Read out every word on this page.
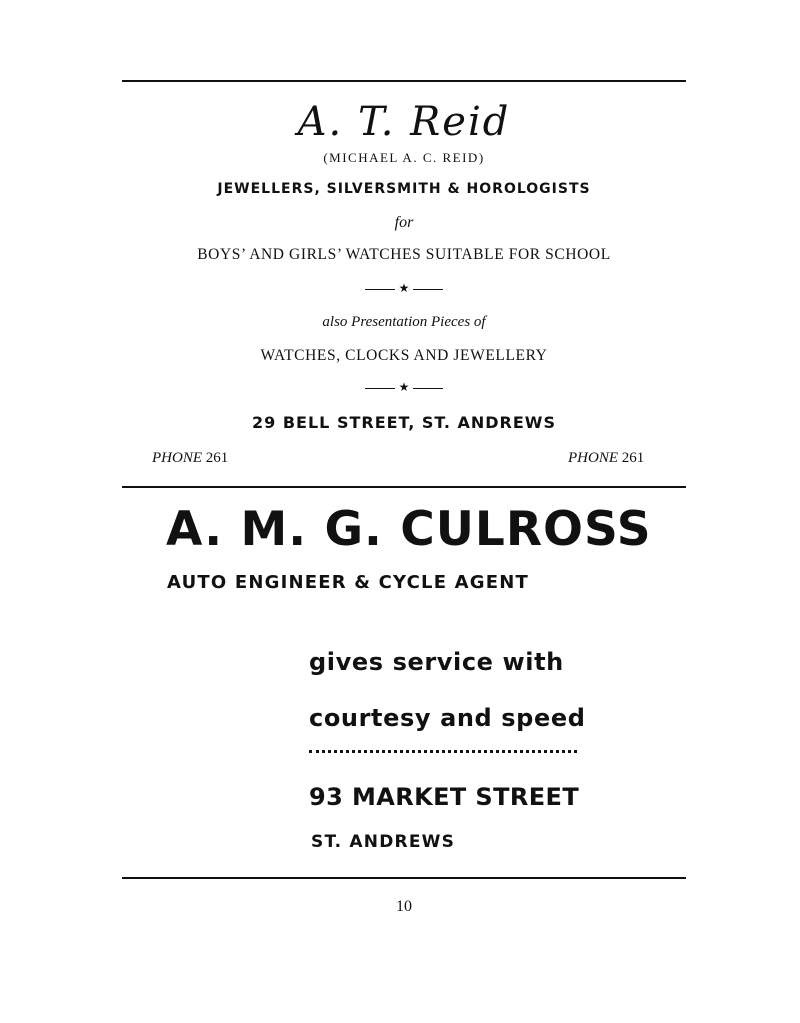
A. T. Reid
(MICHAEL A. C. REID)
JEWELLERS, SILVERSMITH & HOROLOGISTS
for
BOYS’ AND GIRLS’ WATCHES SUITABLE FOR SCHOOL
★
also Presentation Pieces of
WATCHES, CLOCKS AND JEWELLERY
★
29 BELL STREET, ST. ANDREWS
PHONE 261	PHONE 261
A. M. G. CULROSS
AUTO ENGINEER & CYCLE AGENT
gives service with
courtesy and speed
93 MARKET STREET
ST. ANDREWS
10
